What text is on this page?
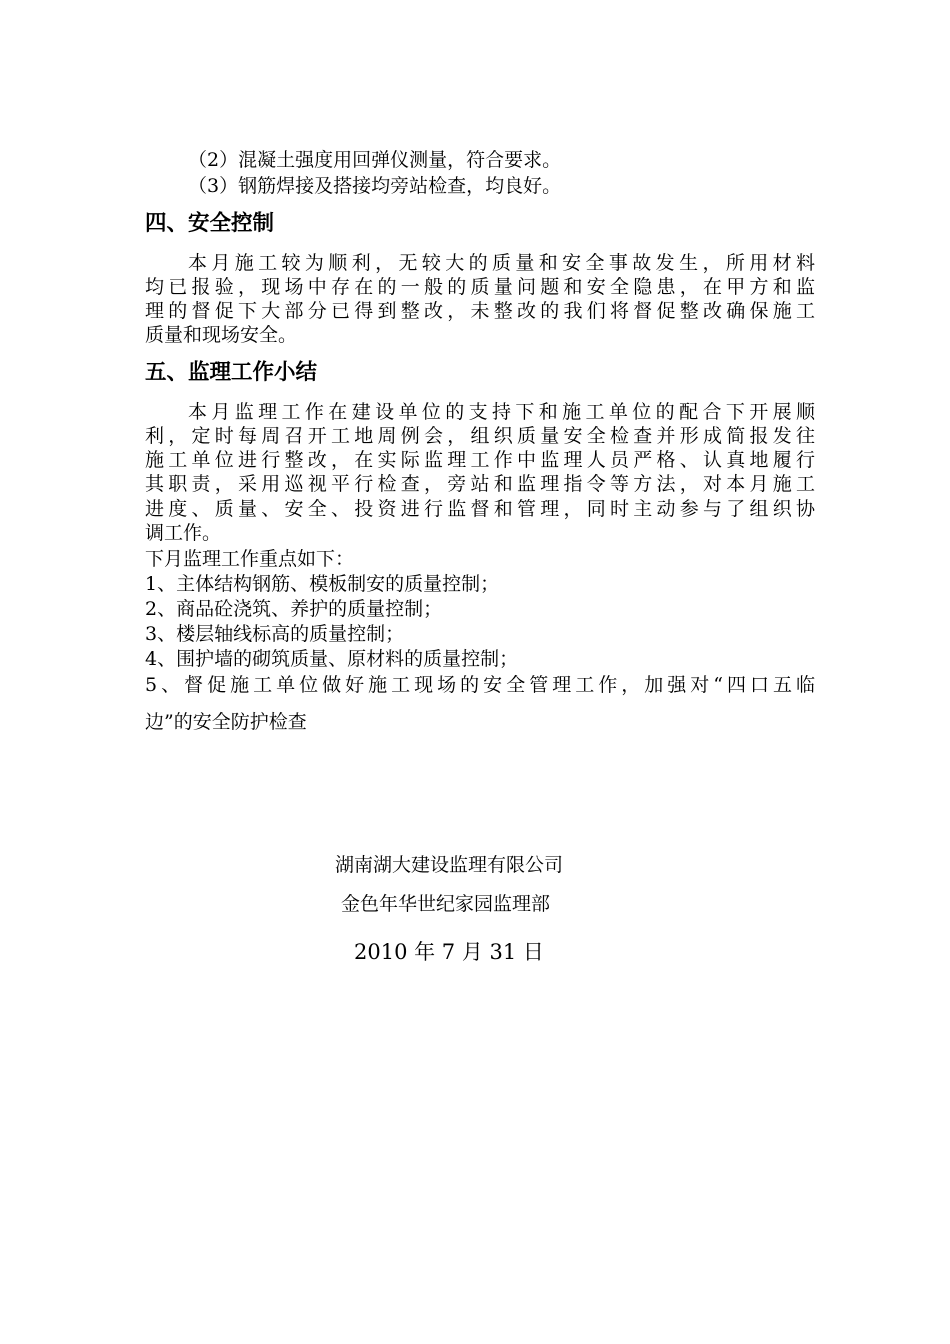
（2）混凝土强度用回弹仪测量，符合要求。
（3）钢筋焊接及搭接均旁站检查，均良好。
四、安全控制
本月施工较为顺利，无较大的质量和安全事故发生，所用材料
均已报验，现场中存在的一般的质量问题和安全隐患，在甲方和监
理的督促下大部分已得到整改，未整改的我们将督促整改确保施工
质量和现场安全。
五、监理工作小结
本月监理工作在建设单位的支持下和施工单位的配合下开展顺
利，定时每周召开工地周例会，组织质量安全检查并形成简报发往
施工单位进行整改，在实际监理工作中监理人员严格、认真地履行
其职责，采用巡视平行检查，旁站和监理指令等方法，对本月施工
进度、质量、安全、投资进行监督和管理，同时主动参与了组织协
调工作。
下月监理工作重点如下：
1、主体结构钢筋、模板制安的质量控制；
2、商品砼浇筑、养护的质量控制；
3、楼层轴线标高的质量控制；
4、围护墙的砌筑质量、原材料的质量控制；
5、督促施工单位做好施工现场的安全管理工作，加强对“四口五临
边”的安全防护检查
湖南湖大建设监理有限公司
金色年华世纪家园监理部
2010 年 7 月 31 日
